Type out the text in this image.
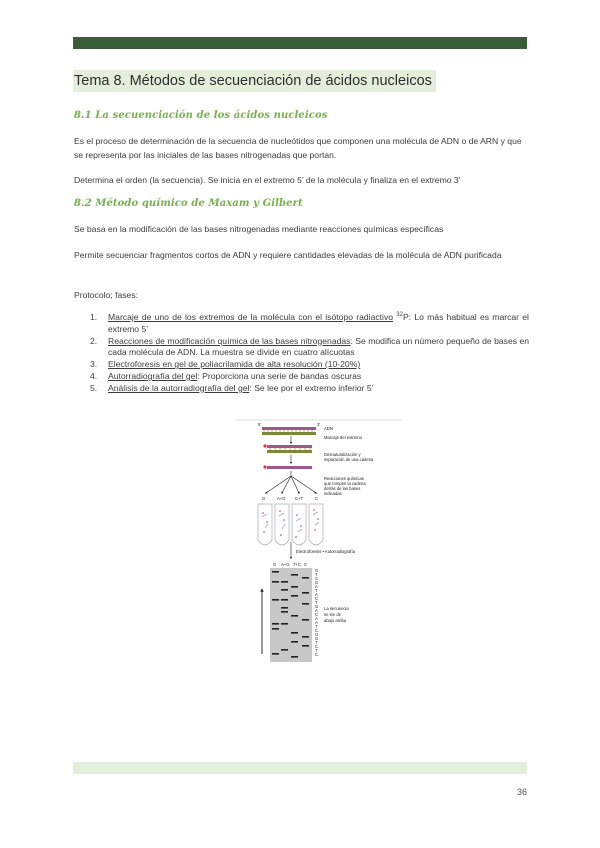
Tema 8. Métodos de secuenciación de ácidos nucleicos
8.1 La secuenciación de los ácidos nucleicos
Es el proceso de determinación de la secuencia de nucleótidos que componen una molécula de ADN o de ARN y que se representa por las iniciales de las bases nitrogenadas que portan.
Determina el orden (la secuencia). Se inicia en el extremo 5’ de la molécula y finaliza en el extremo 3’
8.2 Método químico de Maxam y Gilbert
Se basa en la modificación de las bases nitrogenadas mediante reacciones químicas específicas
Permite secuenciar fragmentos cortos de ADN y requiere cantidades elevadas de la molécula de ADN purificada
Protocolo; fases:
1. Marcaje de uno de los extremos de la molécula con el isótopo radiactivo $^{32}$P: Lo más habitual es marcar el extremo 5’
2. Reacciones de modificación química de las bases nitrogenadas: Se modifica un número pequeño de bases en cada molécula de ADN. La muestra se divide en cuatro alícuotas
3. Electroforesis en gel de poliacrilamida de alta resolución (10-20%)
4. Autorradiografía del gel: Proporciona una serie de bandas oscuras
5. Análisis de la autorradiografía del gel: Se lee por el extremo inferior 5’
5'	3'
ADN
Marcaje del extremo
Desnaturalización y
separación de una cadena
Reacciones químicas
que rompen la cadena
detrás de las bases
indicadas
G	A+G C+T	C
Electroforesis • Autorradiografía
G A+G T+C C
G
T
C
G
A
T
A
C
T
G
A
C
A
A
T
C
G
G
T
C
T
C
La secuencia
se lee de
abajo arriba
36
